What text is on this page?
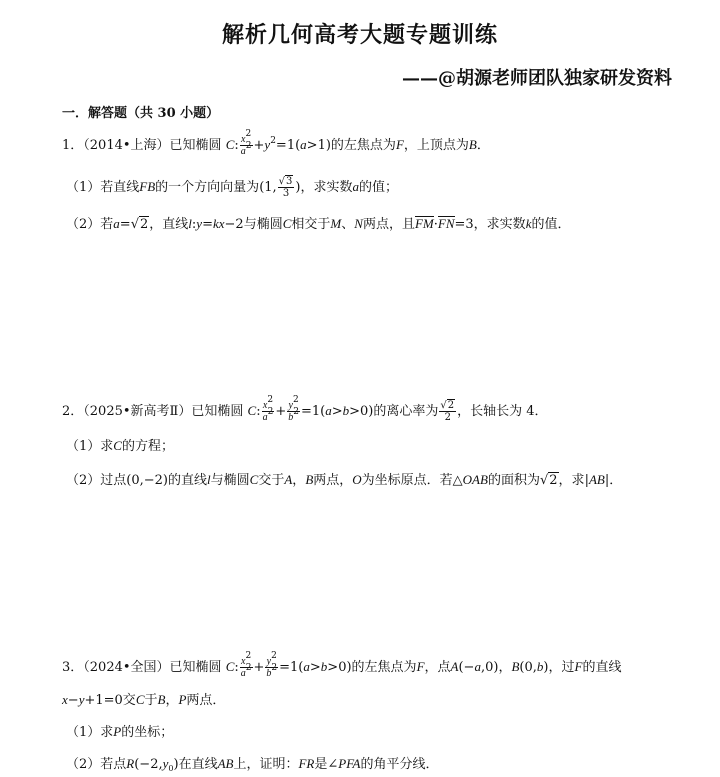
解析几何高考大题专题训练
——@胡源老师团队独家研发资料
一．解答题（共 30 小题）
1．（2014•上海）已知椭圆 C: $\frac{x^2}{a^2} +y^2=1(a>1)$的左焦点为F，上顶点为B．
（1）若直线FB的一个方向向量为(1, $\frac{√3}{3}$ )，求实数a的值；
（2）若a=√2，直线l:y=kx−2与椭圆C相交于M、N两点，且FM·FN=3，求实数k的值．
2．（2025•新高考Ⅱ）已知椭圆 C: $\frac{x^2}{a^2} + \frac{y^2}{b^2} =1(a>b>0)$的离心率为 $\frac{√2}{2}$ ，长轴长为 4．
（1）求C的方程；
（2）过点(0,−2)的直线l与椭圆C交于A，B两点，O为坐标原点．若△OAB的面积为√2，求|AB|．
3．（2024•全国）已知椭圆 C: $\frac{x^2}{a^2} + \frac{y^2}{b^2} =1(a>b>0)$的左焦点为F，点A(−a,0)，B(0,b)，过F的直线
x−y+1=0交C于B，P两点．
（1）求P的坐标；
（2）若点$R(-2,y_0)$在直线AB上，证明：FR是∠PFA的角平分线．
